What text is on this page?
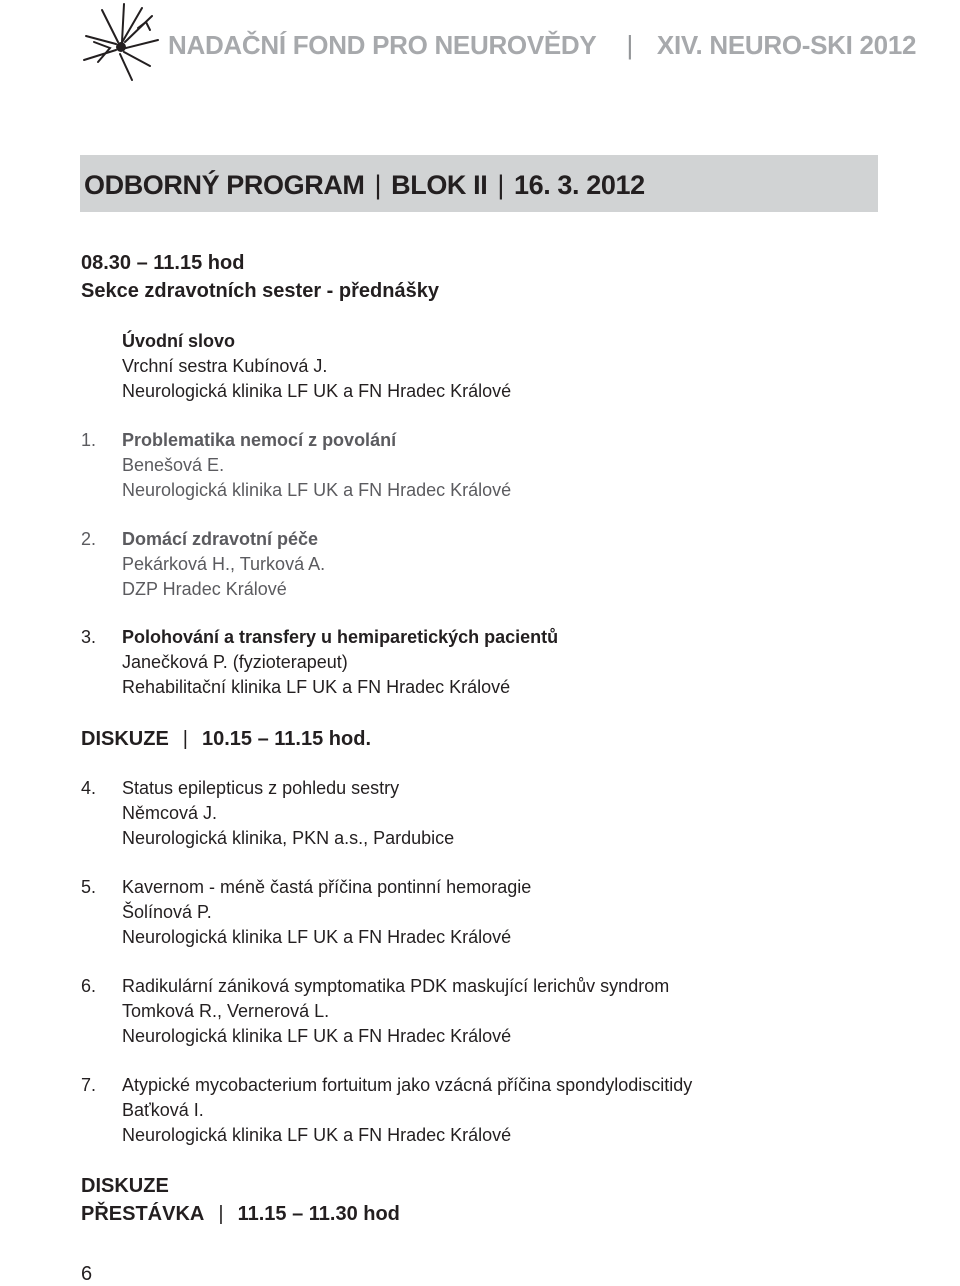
NADAČNÍ FOND PRO NEUROVĚDY | XIV. NEURO-SKI 2012
ODBORNÝ PROGRAM | BLOK II | 16. 3. 2012
08.30 – 11.15 hod
Sekce zdravotních sester - přednášky
Úvodní slovo
Vrchní sestra Kubínová J.
Neurologická klinika LF UK a FN Hradec Králové
1. Problematika nemocí z povolání
Benešová E.
Neurologická klinika LF UK a FN Hradec Králové
2. Domácí zdravotní péče
Pekárková H., Turková A.
DZP Hradec Králové
3. Polohování a transfery u hemiparetických pacientů
Janečková P. (fyzioterapeut)
Rehabilitační klinika LF UK a FN Hradec Králové
DISKUZE | 10.15 – 11.15 hod.
4. Status epilepticus z pohledu sestry
Němcová J.
Neurologická klinika, PKN a.s., Pardubice
5. Kavernom - méně častá příčina pontinní hemoragie
Šolínová P.
Neurologická klinika LF UK a FN Hradec Králové
6. Radikulární zániková symptomatika PDK maskující lerichův syndrom
Tomková R., Vernerová L.
Neurologická klinika LF UK a FN Hradec Králové
7. Atypické mycobacterium fortuitum jako vzácná příčina spondylodiscitidy
Baťková I.
Neurologická klinika LF UK a FN Hradec Králové
DISKUZE
PŘESTÁVKA | 11.15 – 11.30 hod
6
